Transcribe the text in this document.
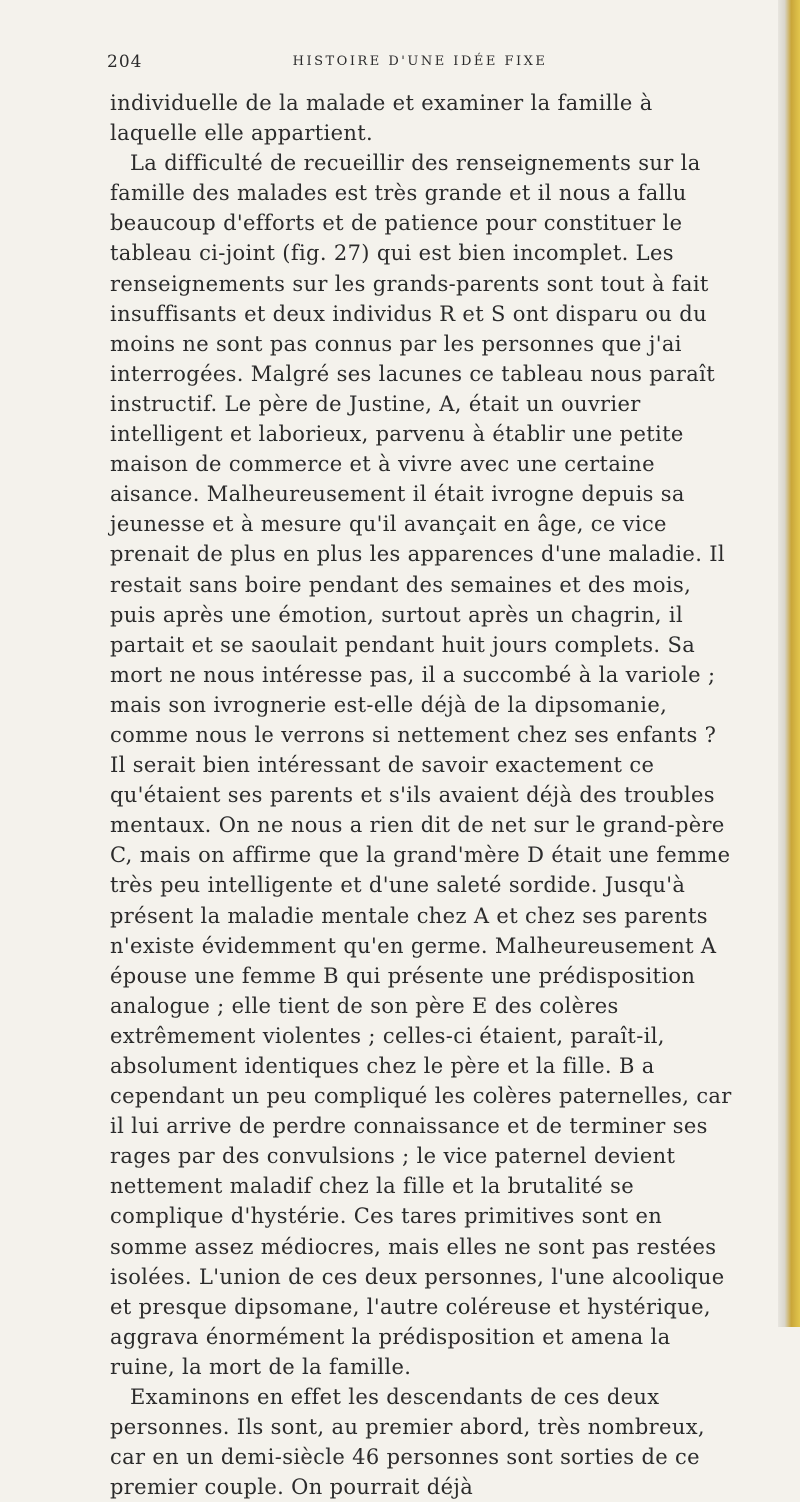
204	HISTOIRE D'UNE IDÉE FIXE

individuelle de la malade et examiner la famille à laquelle elle appartient.

La difficulté de recueillir des renseignements sur la famille des malades est très grande et il nous a fallu beaucoup d'efforts et de patience pour constituer le tableau ci-joint (fig. 27) qui est bien incomplet. Les renseignements sur les grands-parents sont tout à fait insuffisants et deux individus R et S ont disparu ou du moins ne sont pas connus par les personnes que j'ai interrogées. Malgré ses lacunes ce tableau nous paraît instructif. Le père de Justine, A, était un ouvrier intelligent et laborieux, parvenu à établir une petite maison de commerce et à vivre avec une certaine aisance. Malheureusement il était ivrogne depuis sa jeunesse et à mesure qu'il avançait en âge, ce vice prenait de plus en plus les apparences d'une maladie. Il restait sans boire pendant des semaines et des mois, puis après une émotion, surtout après un chagrin, il partait et se saoulait pendant huit jours complets. Sa mort ne nous intéresse pas, il a succombé à la variole ; mais son ivrognerie est-elle déjà de la dipsomanie, comme nous le verrons si nettement chez ses enfants ? Il serait bien intéressant de savoir exactement ce qu'étaient ses parents et s'ils avaient déjà des troubles mentaux. On ne nous a rien dit de net sur le grand-père C, mais on affirme que la grand'mère D était une femme très peu intelligente et d'une saleté sordide. Jusqu'à présent la maladie mentale chez A et chez ses parents n'existe évidemment qu'en germe. Malheureusement A épouse une femme B qui présente une prédisposition analogue ; elle tient de son père E des colères extrêmement violentes ; celles-ci étaient, paraît-il, absolument identiques chez le père et la fille. B a cependant un peu compliqué les colères paternelles, car il lui arrive de perdre connaissance et de terminer ses rages par des convulsions ; le vice paternel devient nettement maladif chez la fille et la brutalité se complique d'hystérie. Ces tares primitives sont en somme assez médiocres, mais elles ne sont pas restées isolées. L'union de ces deux personnes, l'une alcoolique et presque dipsomane, l'autre coléreuse et hystérique, aggrava énormément la prédisposition et amena la ruine, la mort de la famille.

Examinons en effet les descendants de ces deux personnes. Ils sont, au premier abord, très nombreux, car en un demi-siècle 46 personnes sont sorties de ce premier couple. On pourrait déjà
